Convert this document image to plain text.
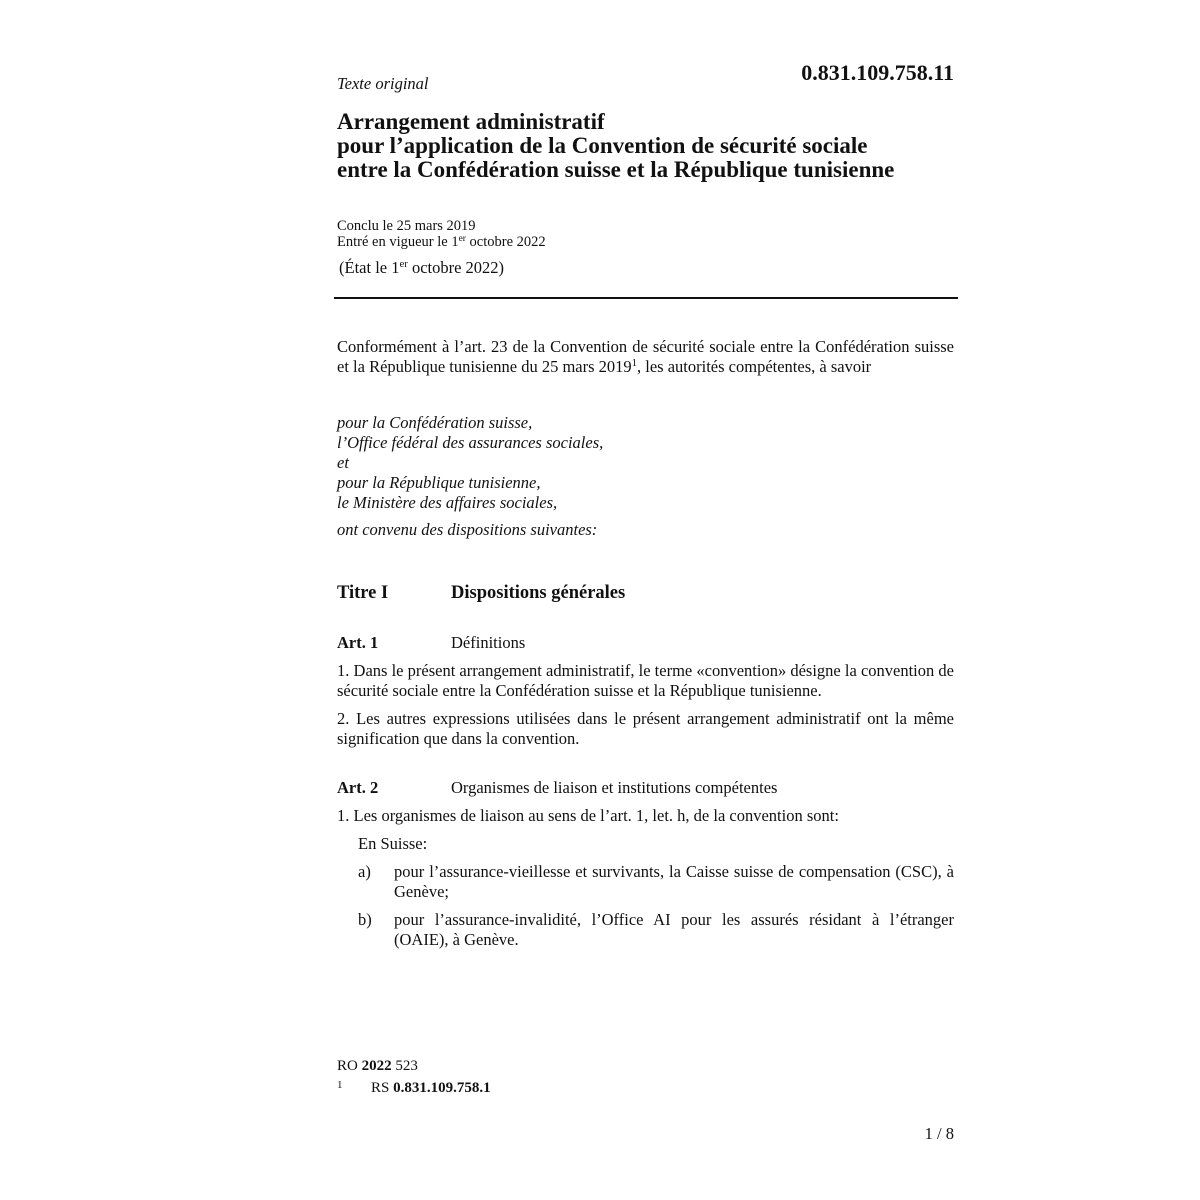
0.831.109.758.11
Texte original
Arrangement administratif
pour l’application de la Convention de sécurité sociale
entre la Confédération suisse et la République tunisienne
Conclu le 25 mars 2019
Entré en vigueur le 1er octobre 2022
(État le 1er octobre 2022)
Conformément à l’art. 23 de la Convention de sécurité sociale entre la Confédération suisse et la République tunisienne du 25 mars 2019$^1$, les autorités compétentes, à savoir
pour la Confédération suisse,
l’Office fédéral des assurances sociales,
et
pour la République tunisienne,
le Ministère des affaires sociales,
ont convenu des dispositions suivantes:
Titre I	Dispositions générales
Art. 1	Définitions
1. Dans le présent arrangement administratif, le terme «convention» désigne la convention de sécurité sociale entre la Confédération suisse et la République tunisienne.
2. Les autres expressions utilisées dans le présent arrangement administratif ont la même signification que dans la convention.
Art. 2	Organismes de liaison et institutions compétentes
1. Les organismes de liaison au sens de l’art. 1, let. h, de la convention sont:
En Suisse:
a)	pour l’assurance-vieillesse et survivants, la Caisse suisse de compensation (CSC), à Genève;
b)	pour l’assurance-invalidité, l’Office AI pour les assurés résidant à l’étranger (OAIE), à Genève.
RO 2022 523
1 RS 0.831.109.758.1
1 / 8
